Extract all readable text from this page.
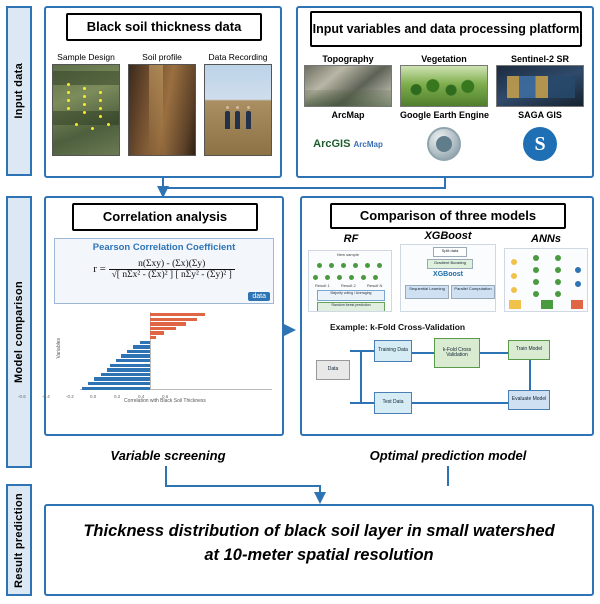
Input data
Model comparison
Result prediction
Black soil thickness data
Sample Design	Soil profile	Data Recording
Input variables and data processing platform
Topography	Vegetation	Sentinel-2 SR
ArcMap
ArcGIS ArcMap
Google Earth Engine	SAGA GIS
S
Correlation analysis
Pearson Correlation Coefficient
$r = \frac{\text{n(Σxy) - (Σx)(Σy)}}{\text{√[ nΣx² - (Σx)² ] [ nΣy² - (Σy)² ]}}$
data
Variables
Correlation with Black Soil Thickness
-0.6	-0.4	-0.2	0.0	0.2	0.4	0.6
Variable screening
Comparison of three models
RF	XGBoost	ANNs
New sample
Result 1	Result 2	Result N
Majority voting / Averaging
Random forest prediction
Split data
Gradient Boosting
XGBoost
Sequential Learning	Parallel Computation
Example: k-Fold Cross-Validation
Data
Training Data
Test Data
k-Fold Cross Validation
Train Model
Evaluate Model
Optimal prediction model
Thickness distribution of black soil layer in small watershed
at 10-meter spatial resolution
